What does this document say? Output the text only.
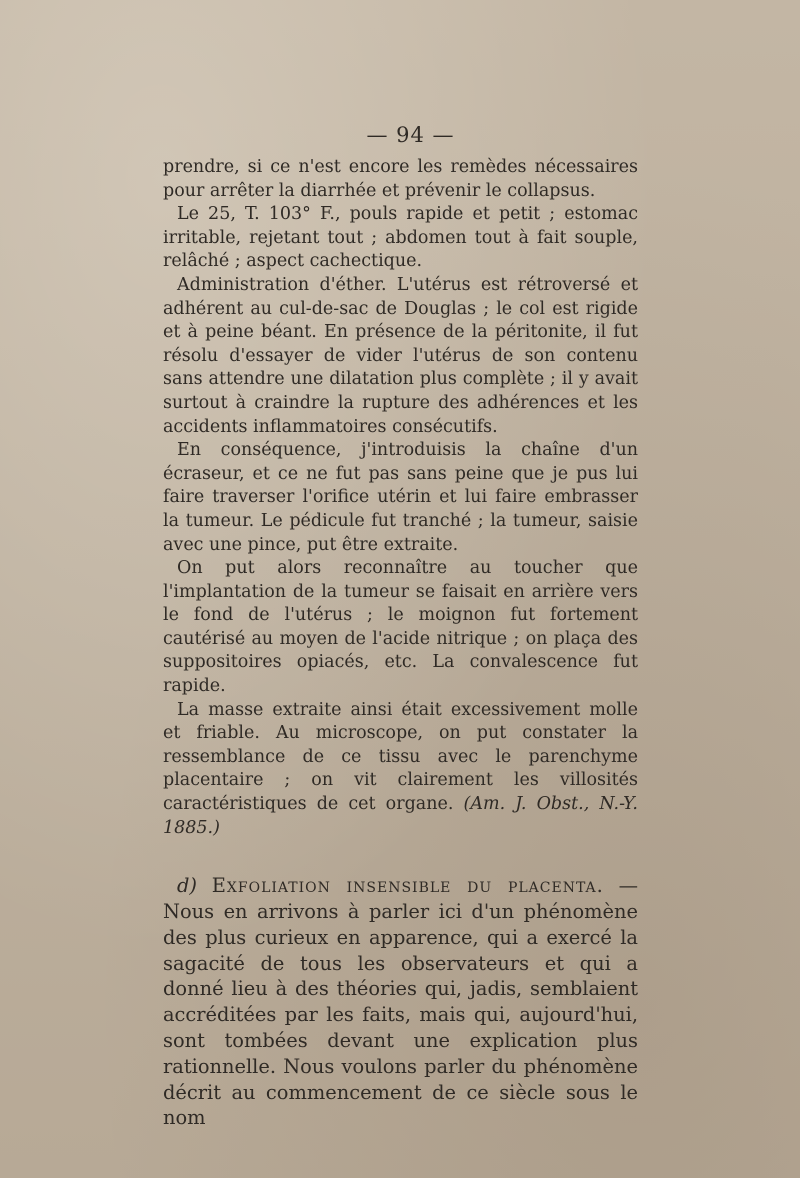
— 94 —

prendre, si ce n'est encore les remèdes nécessaires pour arrêter la diarrhée et prévenir le collapsus.

Le 25, T. 103° F., pouls rapide et petit ; estomac irritable, rejetant tout ; abdomen tout à fait souple, relâché ; aspect cachectique.

Administration d'éther. L'utérus est rétroversé et adhérent au cul-de-sac de Douglas ; le col est rigide et à peine béant. En présence de la péritonite, il fut résolu d'essayer de vider l'utérus de son contenu sans attendre une dilatation plus complète ; il y avait surtout à craindre la rupture des adhérences et les accidents inflammatoires consécutifs.

En conséquence, j'introduisis la chaîne d'un écraseur, et ce ne fut pas sans peine que je pus lui faire traverser l'orifice utérin et lui faire embrasser la tumeur. Le pédicule fut tranché ; la tumeur, saisie avec une pince, put être extraite.

On put alors reconnaître au toucher que l'implantation de la tumeur se faisait en arrière vers le fond de l'utérus ; le moignon fut fortement cautérisé au moyen de l'acide nitrique ; on plaça des suppositoires opiacés, etc. La convalescence fut rapide.

La masse extraite ainsi était excessivement molle et friable. Au microscope, on put constater la ressemblance de ce tissu avec le parenchyme placentaire ; on vit clairement les villosités caractéristiques de cet organe. (Am. J. Obst., N.-Y. 1885.)

d) Exfoliation insensible du placenta. — Nous en arrivons à parler ici d'un phénomène des plus curieux en apparence, qui a exercé la sagacité de tous les observateurs et qui a donné lieu à des théories qui, jadis, semblaient accréditées par les faits, mais qui, aujourd'hui, sont tombées devant une explication plus rationnelle. Nous voulons parler du phénomène décrit au commencement de ce siècle sous le nom
